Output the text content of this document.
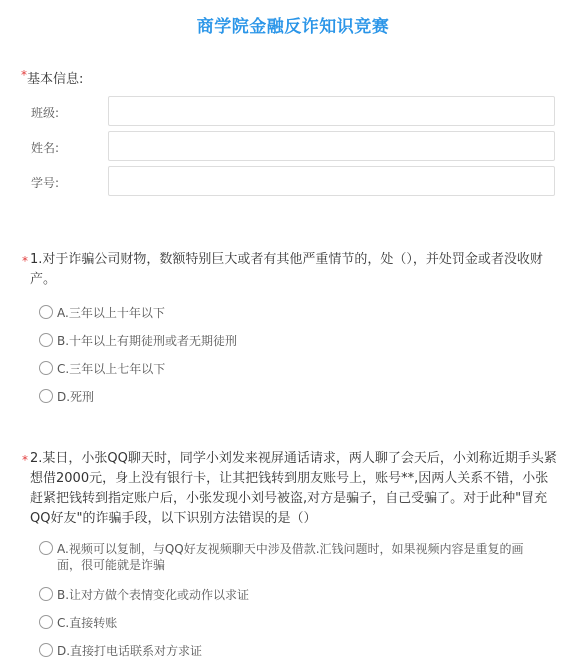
商学院金融反诈知识竞赛
* 基本信息:
班级:
姓名:
学号:
* 1.对于诈骗公司财物，数额特别巨大或者有其他严重情节的，处（），并处罚金或者没收财产。
A.三年以上十年以下
B.十年以上有期徒刑或者无期徒刑
C.三年以上七年以下
D.死刑
* 2.某日，小张QQ聊天时，同学小刘发来视屏通话请求，两人聊了会天后，小刘称近期手头紧想借2000元，身上没有银行卡，让其把钱转到朋友账号上，账号**,因两人关系不错，小张赶紧把钱转到指定账户后，小张发现小刘号被盗,对方是骗子，自己受骗了。对于此种"冒充QQ好友"的诈骗手段，以下识别方法错误的是（）
A.视频可以复制，与QQ好友视频聊天中涉及借款.汇钱问题时，如果视频内容是重复的画面，很可能就是诈骗
B.让对方做个表情变化或动作以求证
C.直接转账
D.直接打电话联系对方求证
